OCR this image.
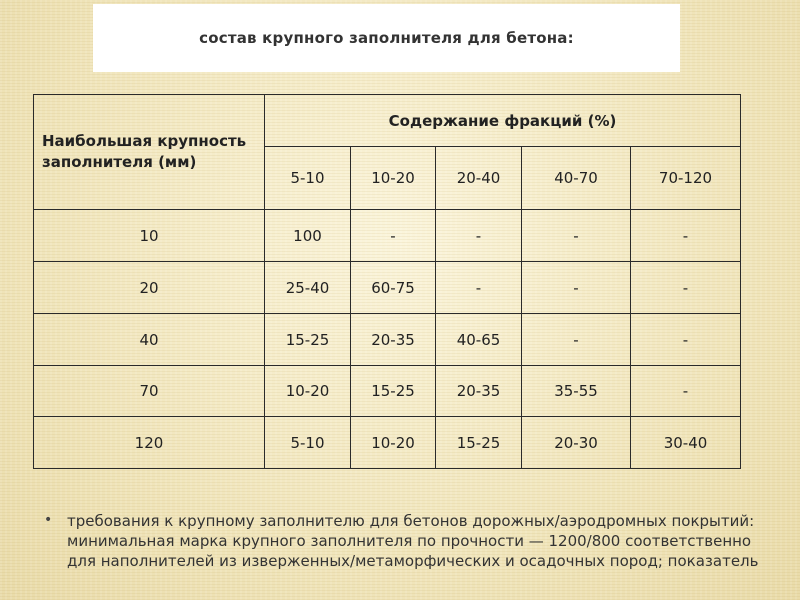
состав крупного заполнителя для бетона:
Наибольшая крупность заполнителя (мм)	Содержание фракций (%)				
	5-10	10-20	20-40	40-70	70-120
10	100	-	-	-	-
20	25-40	60-75	-	-	-
40	15-25	20-35	40-65	-	-
70	10-20	15-25	20-35	35-55	-
120	5-10	10-20	15-25	20-30	30-40
• требования к крупному заполнителю для бетонов дорожных/аэродромных покрытий: минимальная марка крупного заполнителя по прочности — 1200/800 соответственно для наполнителей из изверженных/метаморфических и осадочных пород; показатель
